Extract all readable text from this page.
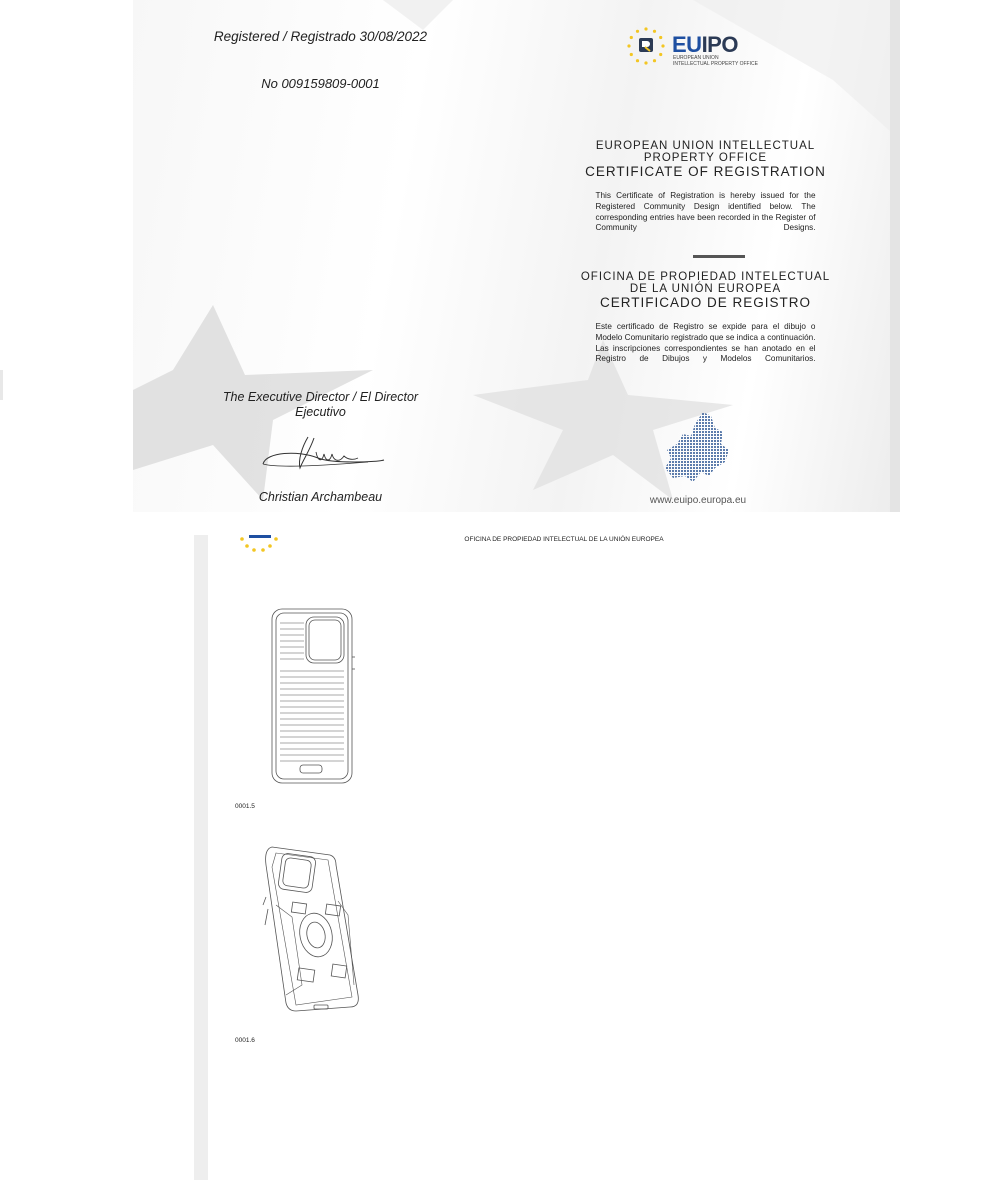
Registered / Registrado 30/08/2022
No 009159809-0001
EUIPO
EUROPEAN UNION
INTELLECTUAL PROPERTY OFFICE
EUROPEAN UNION INTELLECTUAL
PROPERTY OFFICE
CERTIFICATE OF REGISTRATION
This Certificate of Registration is hereby issued for the Registered Community Design identified below. The corresponding entries have been recorded in the Register of Community Designs.
OFICINA DE PROPIEDAD INTELECTUAL
DE LA UNIÓN EUROPEA
CERTIFICADO DE REGISTRO
Este certificado de Registro se expide para el dibujo o Modelo Comunitario registrado que se indica a continuación. Las inscripciones correspondientes se han anotado en el Registro de Dibujos y Modelos Comunitarios.
The Executive Director / El Director Ejecutivo
Christian Archambeau	www.euipo.europa.eu
OFICINA DE PROPIEDAD INTELECTUAL DE LA UNIÓN EUROPEA
0001.5
0001.6
